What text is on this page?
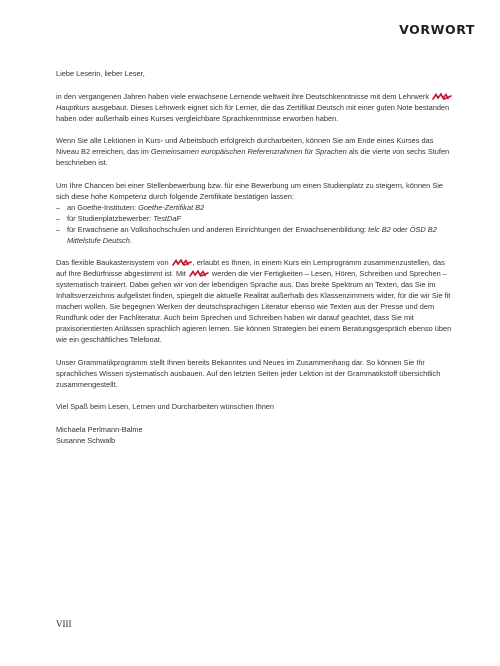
VORWORT

Liebe Leserin, lieber Leser,

in den vergangenen Jahren haben viele erwachsene Lernende weltweit ihre Deutschkenntnisse mit dem Lehrwerk
Hauptkurs ausgebaut. Dieses Lehrwerk eignet sich für Lerner, die das Zertifikat Deutsch mit einer guten Note bestanden haben oder außerhalb eines Kurses vergleichbare Sprachkenntnisse erworben haben.

Wenn Sie alle Lektionen in Kurs- und Arbeitsbuch erfolgreich durcharbeiten, können Sie am Ende eines Kurses das Niveau B2 erreichen, das im Gemeinsamen europäischen Referenzrahmen für Sprachen als die vierte von sechs Stufen beschrieben ist.

Um Ihre Chancen bei einer Stellenbewerbung bzw. für eine Bewerbung um einen Studienplatz zu steigern, können Sie sich diese hohe Kompetenz durch folgende Zertifikate bestätigen lassen:

– an Goethe-Instituten: Goethe-Zertifikat B2
– für Studienplatzbewerber: TestDaF
– für Erwachsene an Volkshochschulen und anderen Einrichtungen der Erwachsenenbildung: telc B2 oder ÖSD B2 Mittelstufe Deutsch.

Das flexible Baukastensystem von	, erlaubt es Ihnen, in einem Kurs ein Lernprogramm zusammenzustellen, das auf Ihre Bedürfnisse abgestimmt ist. Mit	werden die vier Fertigkeiten – Lesen, Hören, Schreiben und Sprechen – systematisch trainiert. Dabei gehen wir von der lebendigen Sprache aus. Das breite Spektrum an Texten, das Sie im Inhaltsverzeichnis aufgelistet finden, spiegelt die aktuelle Realität außerhalb des Klassenzimmers wider, für die wir Sie fit machen wollen. Sie begegnen Werken der deutschsprachigen Literatur ebenso wie Texten aus der Presse und dem Rundfunk oder der Fachliteratur. Auch beim Sprechen und Schreiben haben wir darauf geachtet, dass Sie mit praxisorientierten Anlässen sprachlich agieren lernen. Sie können Strategien bei einem Beratungsgespräch ebenso üben wie ein geschäftliches Telefonat.

Unser Grammatikprogramm stellt Ihnen bereits Bekanntes und Neues im Zusammenhang dar. So können Sie Ihr sprachliches Wissen systematisch ausbauen. Auf den letzten Seiten jeder Lektion ist der Grammatikstoff übersichtlich zusammengestellt.

Viel Spaß beim Lesen, Lernen und Durcharbeiten wünschen Ihnen

Michaela Perlmann-Balme
Susanne Schwalb
VIII
